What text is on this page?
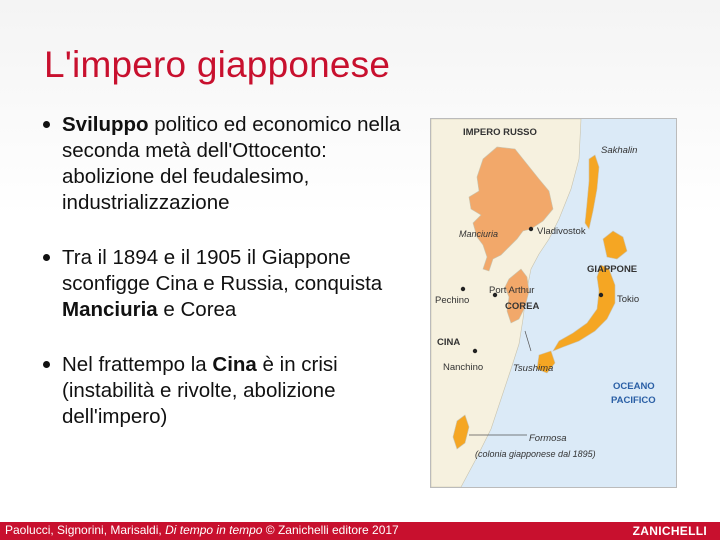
L'impero giapponese
Sviluppo politico ed economico nella seconda metà dell'Ottocento: abolizione del feudalesimo, industrializzazione
Tra il 1894 e il 1905 il Giappone sconfigge Cina e Russia, conquista Manciuria e Corea
Nel frattempo la Cina è in crisi (instabilità e rivolte, abolizione dell'impero)
IMPERO RUSSO
Sakhalin
Manciuria	Vladivostok
GIAPPONE
Pechino
Port Arthur
COREA
Tokio
CINA
Nanchino	Tsushima
OCEANO
PACIFICO
Formosa
(colonia giapponese dal 1895)
Paolucci, Signorini, Marisaldi, Di tempo in tempo © Zanichelli editore 2017	ZANICHELLI
